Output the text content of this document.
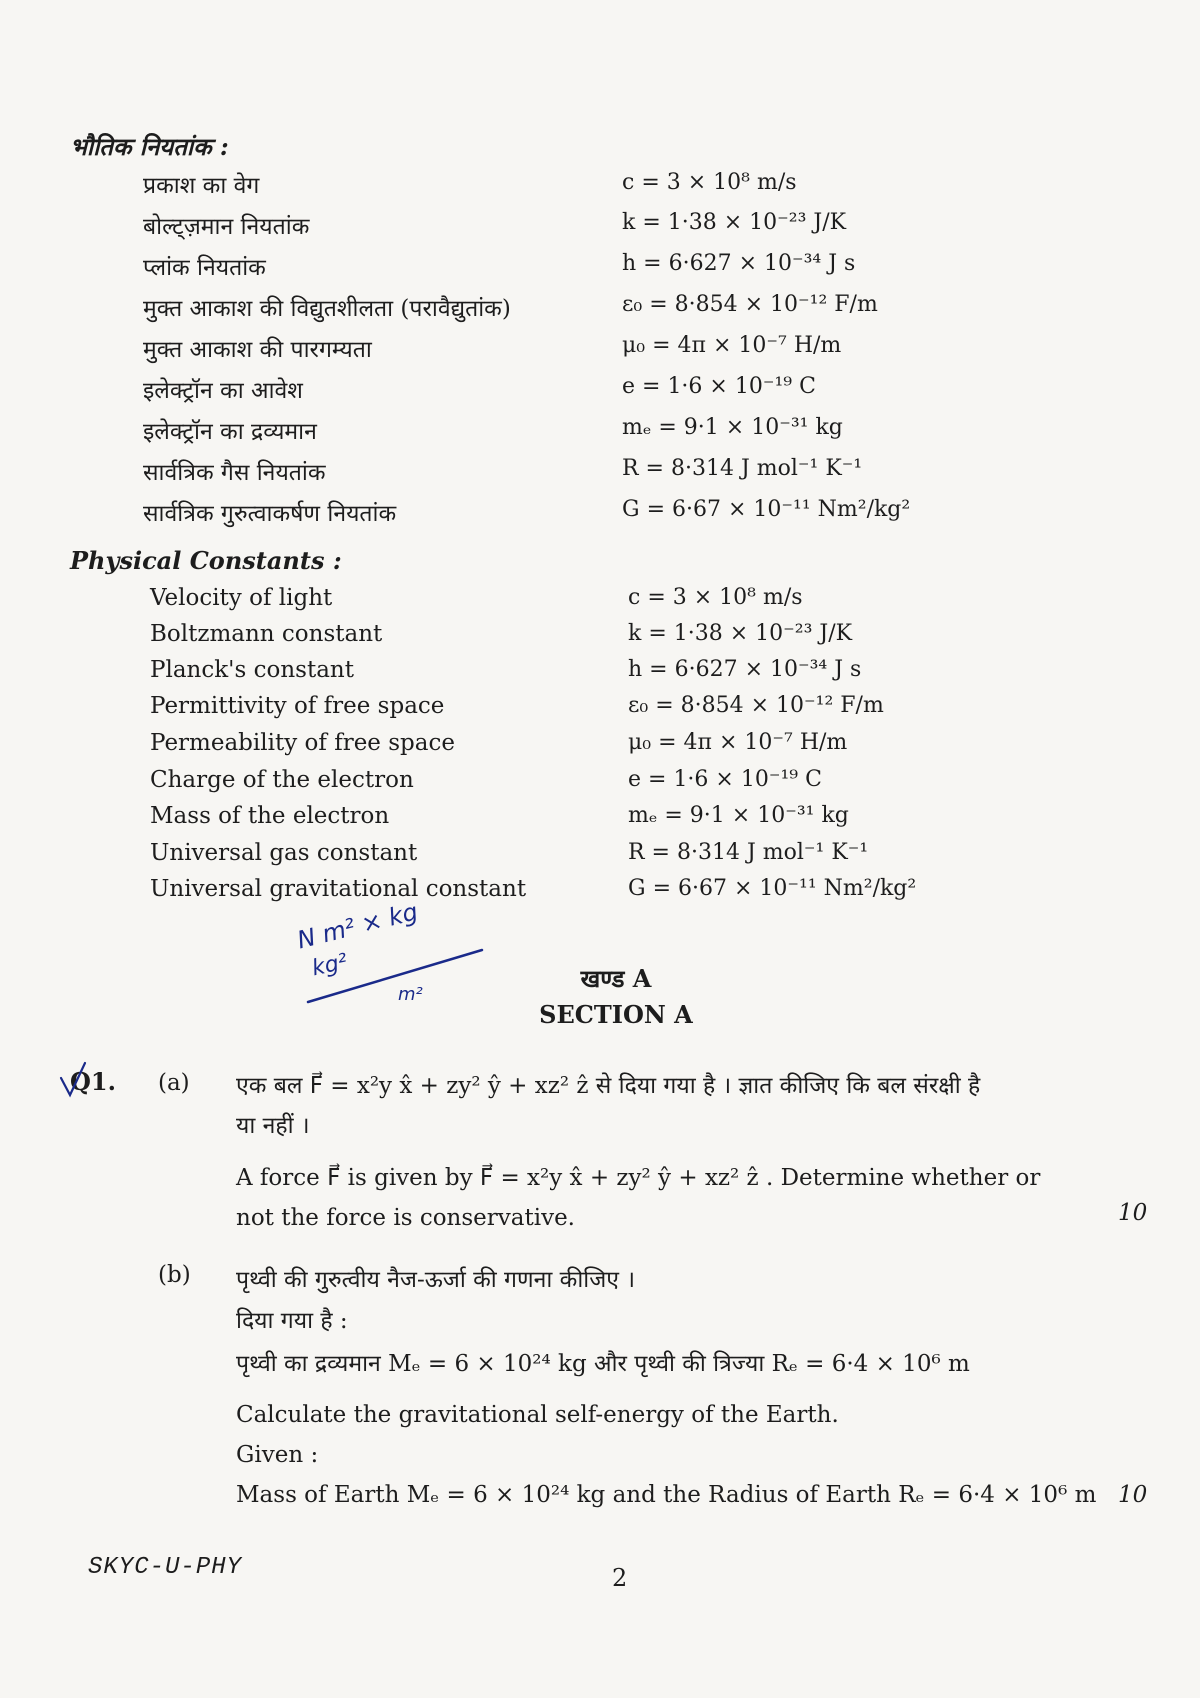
भौतिक नियतांक :
प्रकाश का वेग	c = 3 × 10⁸ m/s
बोल्ट्ज़मान नियतांक	k = 1·38 × 10⁻²³ J/K
प्लांक नियतांक	h = 6·627 × 10⁻³⁴ J s
मुक्त आकाश की विद्युतशीलता (परावैद्युतांक)	ε₀ = 8·854 × 10⁻¹² F/m
मुक्त आकाश की पारगम्यता	μ₀ = 4π × 10⁻⁷ H/m
इलेक्ट्रॉन का आवेश	e = 1·6 × 10⁻¹⁹ C
इलेक्ट्रॉन का द्रव्यमान	mₑ = 9·1 × 10⁻³¹ kg
सार्वत्रिक गैस नियतांक	R = 8·314 J mol⁻¹ K⁻¹
सार्वत्रिक गुरुत्वाकर्षण नियतांक	G = 6·67 × 10⁻¹¹ Nm²/kg²
Physical Constants :
Velocity of light	c = 3 × 10⁸ m/s
Boltzmann constant	k = 1·38 × 10⁻²³ J/K
Planck's constant	h = 6·627 × 10⁻³⁴ J s
Permittivity of free space	ε₀ = 8·854 × 10⁻¹² F/m
Permeability of free space	μ₀ = 4π × 10⁻⁷ H/m
Charge of the electron	e = 1·6 × 10⁻¹⁹ C
Mass of the electron	mₑ = 9·1 × 10⁻³¹ kg
Universal gas constant	R = 8·314 J mol⁻¹ K⁻¹
Universal gravitational constant	G = 6·67 × 10⁻¹¹ Nm²/kg²
N m² × kg
kg²
m²
खण्ड A
SECTION A
Q1. (a) एक बल F⃗ = x²y x̂ + zy² ŷ + xz² ẑ से दिया गया है । ज्ञात कीजिए कि बल संरक्षी है
या नहीं ।
A force F⃗ is given by F⃗ = x²y x̂ + zy² ŷ + xz² ẑ . Determine whether or
not the force is conservative.	10
(b) पृथ्वी की गुरुत्वीय नैज-ऊर्जा की गणना कीजिए ।
दिया गया है :
पृथ्वी का द्रव्यमान Mₑ = 6 × 10²⁴ kg और पृथ्वी की त्रिज्या Rₑ = 6·4 × 10⁶ m
Calculate the gravitational self-energy of the Earth.
Given :
Mass of Earth Mₑ = 6 × 10²⁴ kg and the Radius of Earth Rₑ = 6·4 × 10⁶ m 10
SKYC-U-PHY	2
